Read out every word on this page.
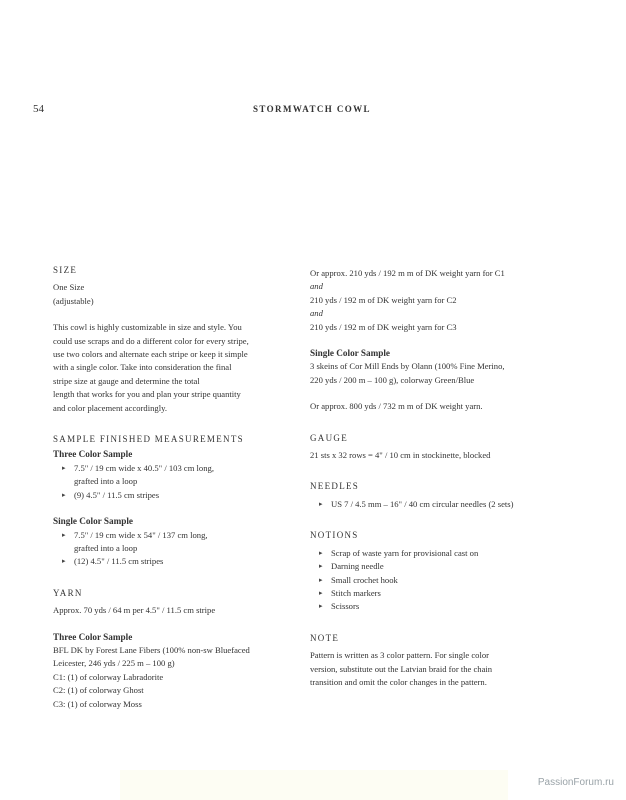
54	STORMWATCH COWL
SIZE

One Size

(adjustable)

This cowl is highly customizable in size and style. You

could use scraps and do a different color for every stripe,

use two colors and alternate each stripe or keep it simple

with a single color. Take into consideration the final

stripe size at gauge and determine the total

length that works for you and plan your stripe quantity

and color placement accordingly.

SAMPLE FINISHED MEASUREMENTS

Three Color Sample

▸ 7.5" / 19 cm wide x 40.5" / 103 cm long,
grafted into a loop
▸ (9) 4.5" / 11.5 cm stripes

Single Color Sample

▸ 7.5" / 19 cm wide x 54" / 137 cm long,
grafted into a loop
▸ (12) 4.5" / 11.5 cm stripes
YARN

Approx. 70 yds / 64 m per 4.5" / 11.5 cm stripe

Three Color Sample

BFL DK by Forest Lane Fibers (100% non-sw Bluefaced

Leicester, 246 yds / 225 m – 100 g)

C1: (1) of colorway Labradorite

C2: (1) of colorway Ghost

C3: (1) of colorway Moss

Or approx. 210 yds / 192 m m of DK weight yarn for C1

and

210 yds / 192 m of DK weight yarn for C2

and

210 yds / 192 m of DK weight yarn for C3

Single Color Sample

3 skeins of Cor Mill Ends by Olann (100% Fine Merino,

220 yds / 200 m – 100 g), colorway Green/Blue

Or approx. 800 yds / 732 m m of DK weight yarn.

GAUGE

21 sts x 32 rows = 4" / 10 cm in stockinette, blocked

NEEDLES
▸ US 7 / 4.5 mm – 16" / 40 cm circular needles (2 sets)
NOTIONS
▸ Scrap of waste yarn for provisional cast on
▸ Darning needle
▸ Small crochet hook
▸ Stitch markers
▸ Scissors
NOTE

Pattern is written as 3 color pattern. For single color

version, substitute out the Latvian braid for the chain

transition and omit the color changes in the pattern.

PassionForum.ru
